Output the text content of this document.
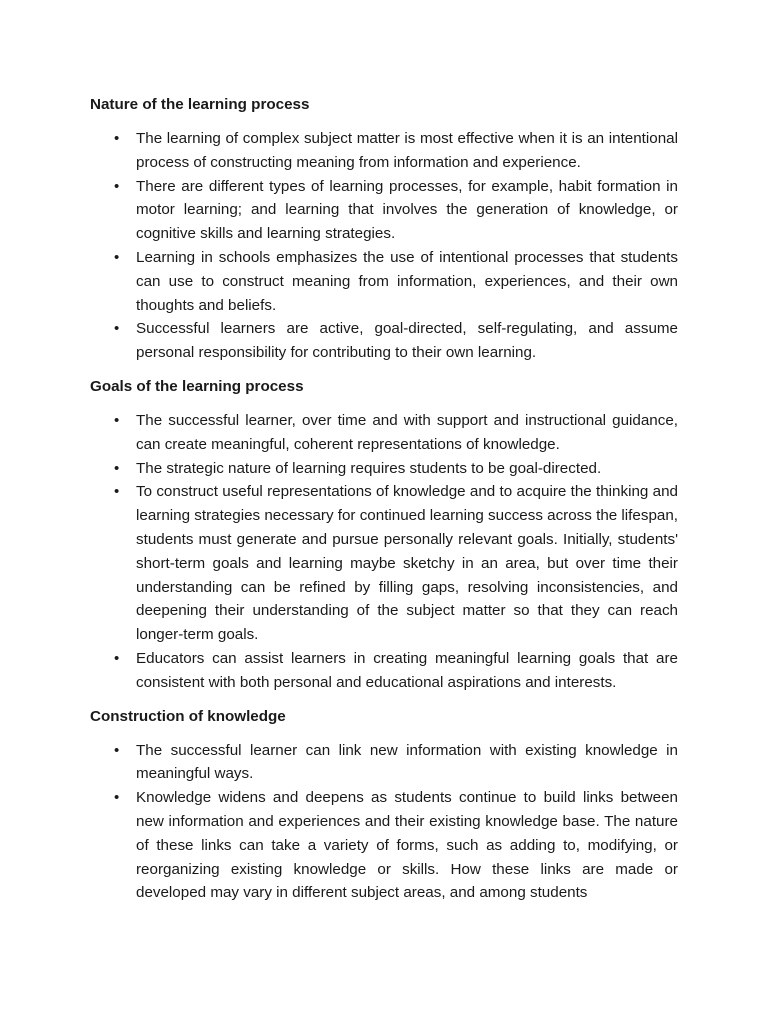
Nature of the learning process
• The learning of complex subject matter is most effective when it is an intentional process of constructing meaning from information and experience.
• There are different types of learning processes, for example, habit formation in motor learning; and learning that involves the generation of knowledge, or cognitive skills and learning strategies.
• Learning in schools emphasizes the use of intentional processes that students can use to construct meaning from information, experiences, and their own thoughts and beliefs.
• Successful learners are active, goal-directed, self-regulating, and assume personal responsibility for contributing to their own learning.
Goals of the learning process
• The successful learner, over time and with support and instructional guidance, can create meaningful, coherent representations of knowledge.
• The strategic nature of learning requires students to be goal-directed.
• To construct useful representations of knowledge and to acquire the thinking and learning strategies necessary for continued learning success across the lifespan, students must generate and pursue personally relevant goals. Initially, students' short-term goals and learning maybe sketchy in an area, but over time their understanding can be refined by filling gaps, resolving inconsistencies, and deepening their understanding of the subject matter so that they can reach longer-term goals.
• Educators can assist learners in creating meaningful learning goals that are consistent with both personal and educational aspirations and interests.
Construction of knowledge
• The successful learner can link new information with existing knowledge in meaningful ways.
• Knowledge widens and deepens as students continue to build links between new information and experiences and their existing knowledge base. The nature of these links can take a variety of forms, such as adding to, modifying, or reorganizing existing knowledge or skills. How these links are made or developed may vary in different subject areas, and among students
